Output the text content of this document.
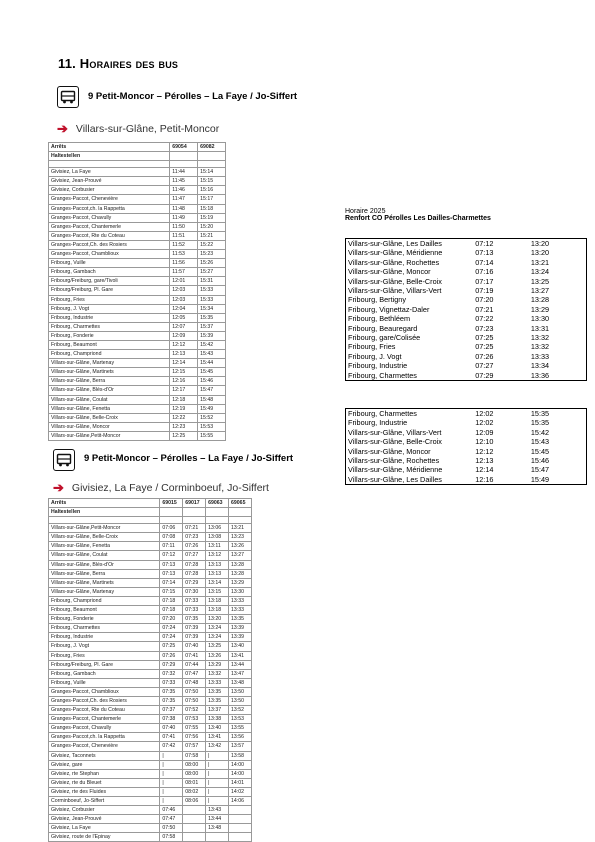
11. Horaires des bus
9 Petit-Moncor – Pérolles – La Faye / Jo-Siffert
➔ Villars-sur-Glâne, Petit-Moncor
Arrêts	69054	69082
Haltestellen		

Givisiez, La Faye	11:44	15:14
Givisiez, Jean-Prouvé	11:45	15:15
Givisiez, Corbusier	11:46	15:16
Granges-Paccot, Chenevière	11:47	15:17
Granges-Paccot,ch. la Rappetta	11:48	15:18
Granges-Paccot, Chavully	11:49	15:19
Granges-Paccot, Chantemerle	11:50	15:20
Granges-Paccot, Rte du Coteau	11:51	15:21
Granges-Paccot,Ch. des Rosiers	11:52	15:22
Granges-Paccot, Chamblioux	11:53	15:23
Fribourg, Vuille	11:56	15:26
Fribourg, Gambach	11:57	15:27
Fribourg/Freiburg, gare/Tivoli	12:01	15:31
Fribourg/Freiburg, Pl. Gare	12:03	15:33
Fribourg, Fries	12:03	15:33
Fribourg, J. Vogt	12:04	15:34
Fribourg, Industrie	12:05	15:35
Fribourg, Charmettes	12:07	15:37
Fribourg, Fonderie	12:09	15:39
Fribourg, Beaumont	12:12	15:42
Fribourg, Champriond	12:13	15:43
Villars-sur-Glâne, Martenay	12:14	15:44
Villars-sur-Glâne, Martinets	12:15	15:45
Villars-sur-Glâne, Berra	12:16	15:46
Villars-sur-Glâne, Blés-d'Or	12:17	15:47
Villars-sur-Glâne, Coulat	12:18	15:48
Villars-sur-Glâne, Fenetta	12:19	15:49
Villars-sur-Glâne, Belle-Croix	12:22	15:52
Villars-sur-Glâne, Moncor	12:23	15:53
Villars-sur-Glâne,Petit-Moncor	12:25	15:55
9 Petit-Moncor – Pérolles – La Faye / Jo-Siffert
➔ Givisiez, La Faye / Corminboeuf, Jo-Siffert
Arrêts	69015	69017	69063	69065
Haltestellen				

Villars-sur-Glâne,Petit-Moncor	07:06	07:21	13:06	13:21
Villars-sur-Glâne, Belle-Croix	07:08	07:23	13:08	13:23
Villars-sur-Glâne, Fenetta	07:11	07:26	13:11	13:26
Villars-sur-Glâne, Coulat	07:12	07:27	13:12	13:27
Villars-sur-Glâne, Blés-d'Or	07:13	07:28	13:13	13:28
Villars-sur-Glâne, Berra	07:13	07:28	13:13	13:28
Villars-sur-Glâne, Martinets	07:14	07:29	13:14	13:29
Villars-sur-Glâne, Martenay	07:15	07:30	13:15	13:30
Fribourg, Champriond	07:18	07:33	13:18	13:33
Fribourg, Beaumont	07:18	07:33	13:18	13:33
Fribourg, Fonderie	07:20	07:35	13:20	13:35
Fribourg, Charmettes	07:24	07:39	13:24	13:39
Fribourg, Industrie	07:24	07:39	13:24	13:39
Fribourg, J. Vogt	07:25	07:40	13:25	13:40
Fribourg, Fries	07:26	07:41	13:26	13:41
Fribourg/Freiburg, Pl. Gare	07:29	07:44	13:29	13:44
Fribourg, Gambach	07:32	07:47	13:32	13:47
Fribourg, Vuille	07:33	07:48	13:33	13:48
Granges-Paccot, Chamblioux	07:35	07:50	13:35	13:50
Granges-Paccot,Ch. des Rosiers	07:35	07:50	13:35	13:50
Granges-Paccot, Rte du Coteau	07:37	07:52	13:37	13:52
Granges-Paccot, Chantemerle	07:38	07:53	13:38	13:53
Granges-Paccot, Chavully	07:40	07:55	13:40	13:55
Granges-Paccot,ch. la Rappetta	07:41	07:56	13:41	13:56
Granges-Paccot, Chenevière	07:42	07:57	13:42	13:57
Givisiez, Taconnets	|	07:58	|	13:58
Givisiez, gare	|	08:00	|	14:00
Givisiez, rte Stephan	|	08:00	|	14:00
Givisiez, rte du Bleuet	|	08:01	|	14:01
Givisiez, rte des Fluides	|	08:02	|	14:02
Corminboeuf, Jo-Siffert	|	08:06	|	14:06
Givisiez, Corbusier	07:46		13:43	
Givisiez, Jean-Prouvé	07:47		13:44	
Givisiez, La Faye	07:50		13:48	
Givisiez, route de l'Epinay	07:58			
Horaire 2025
Renfort CO Pérolles Les Dailles-Charmettes
Villars-sur-Glâne, Les Dailles	07:12	13:20
Villars-sur-Glâne, Méridienne	07:13	13:20
Villars-sur-Glâne, Rochettes	07:14	13:21
Villars-sur-Glâne, Moncor	07:16	13:24
Villars-sur-Glâne, Belle-Croix	07:17	13:25
Villars-sur-Glâne, Villars-Vert	07:19	13:27
Fribourg, Bertigny	07:20	13:28
Fribourg, Vignettaz-Daler	07:21	13:29
Fribourg, Bethléem	07:22	13:30
Fribourg, Beauregard	07:23	13:31
Fribourg, gare/Colisée	07:25	13:32
Fribourg, Fries	07:25	13:32
Fribourg, J. Vogt	07:26	13:33
Fribourg, Industrie	07:27	13:34
Fribourg, Charmettes	07:29	13:36
Fribourg, Charmettes	12:02	15:35
Fribourg, Industrie	12:02	15:35
Villars-sur-Glâne, Villars-Vert	12:09	15:42
Villars-sur-Glâne, Belle-Croix	12:10	15:43
Villars-sur-Glâne, Moncor	12:12	15:45
Villars-sur-Glâne, Rochettes	12:13	15:46
Villars-sur-Glâne, Méridienne	12:14	15:47
Villars-sur-Glâne, Les Dailles	12:16	15:49
